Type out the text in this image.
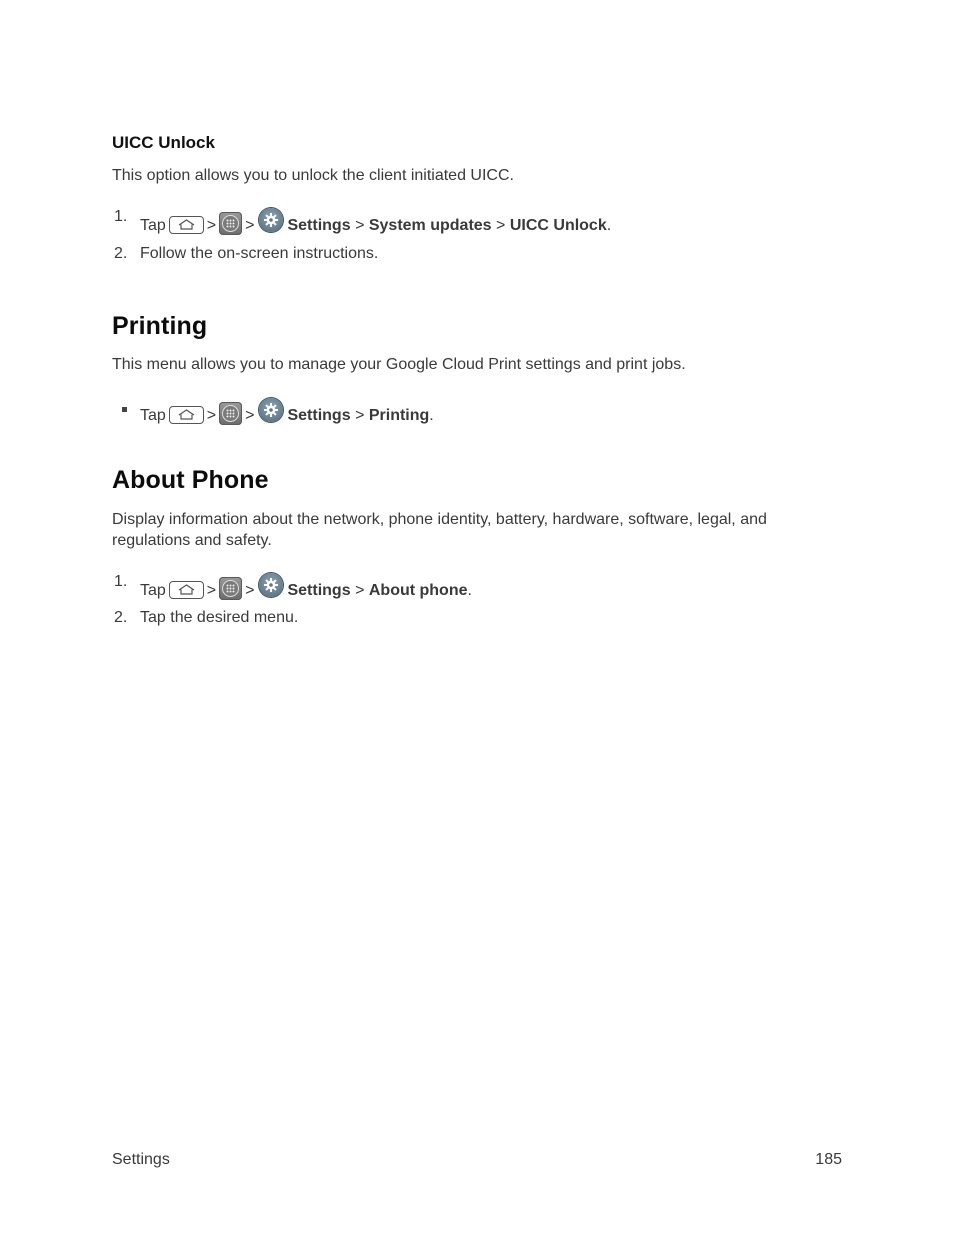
UICC Unlock
This option allows you to unlock the client initiated UICC.
1.
Tap	> > Settings
>
System updates
>
UICC Unlock .
2. Follow the on-screen instructions.
Printing
This menu allows you to manage your Google Cloud Print settings and print jobs.
Tap	> > Settings
>
Printing .
About Phone
Display information about the network, phone identity, battery, hardware, software, legal, and
regulations and safety.
1.
Tap	> > Settings
>
About phone .
2. Tap the desired menu.
Settings	185
